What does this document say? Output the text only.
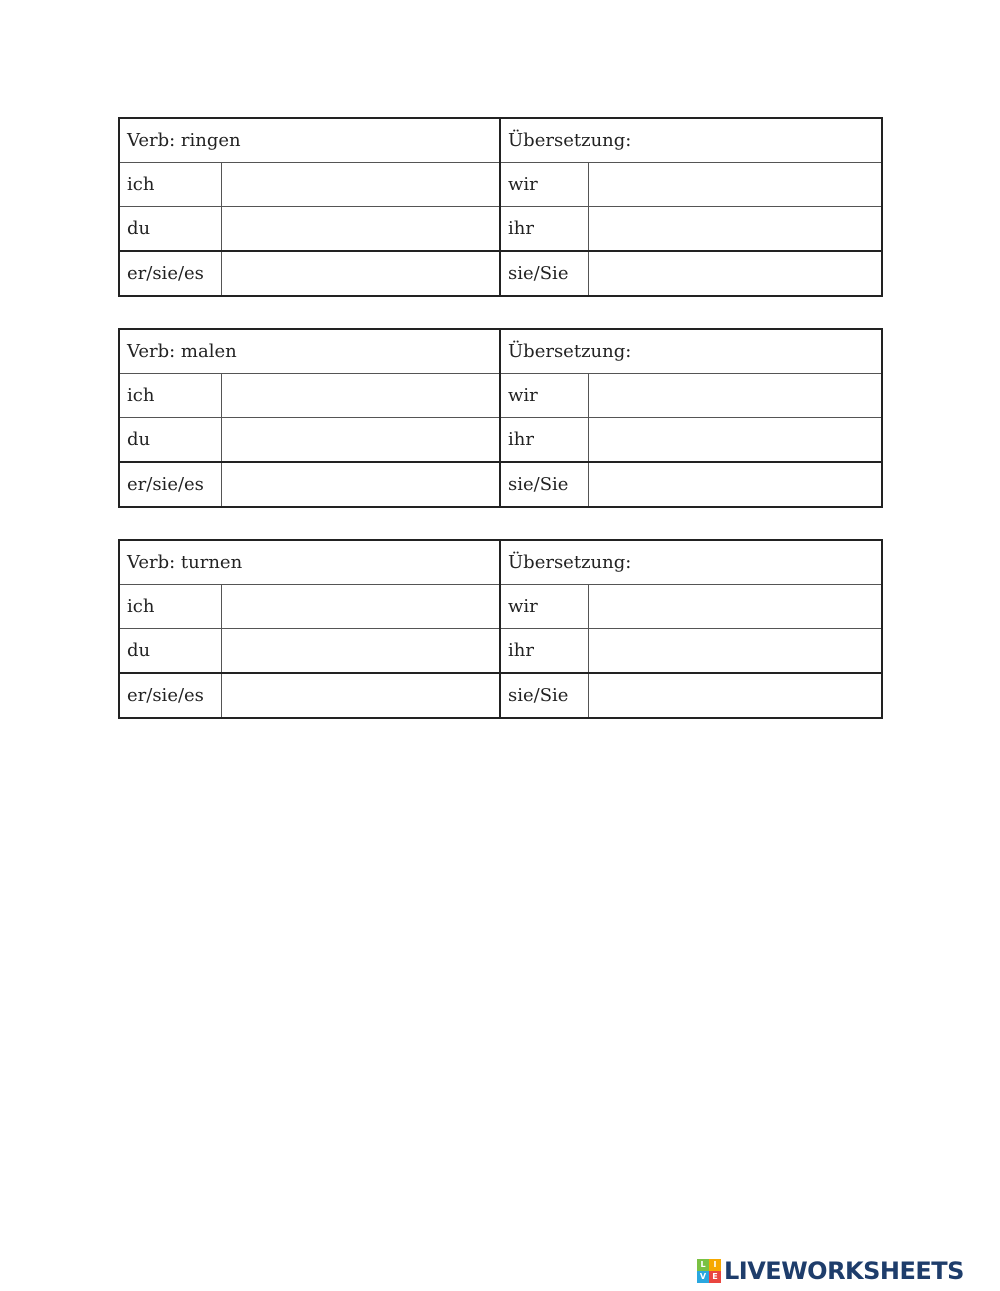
Verb: ringen		Übersetzung:	
ich		wir	
du		ihr	
er/sie/es		sie/Sie	
Verb: malen		Übersetzung:	
ich		wir	
du		ihr	
er/sie/es		sie/Sie	
Verb: turnen		Übersetzung:	
ich		wir	
du		ihr	
er/sie/es		sie/Sie	
L I
V E LIVEWORKSHEETS
